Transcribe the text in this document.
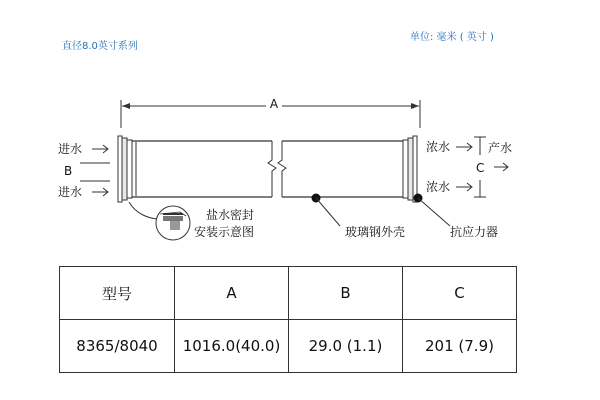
直径8.0英寸系列
单位: 毫米 ( 英寸 )
A
进水
进水
B
浓水
浓水
C
产水
盐水密封
安装示意图	玻璃钢外壳	抗应力器
型号	A	B	C
8365/8040	1016.0(40.0)	29.0 (1.1)	201 (7.9)
